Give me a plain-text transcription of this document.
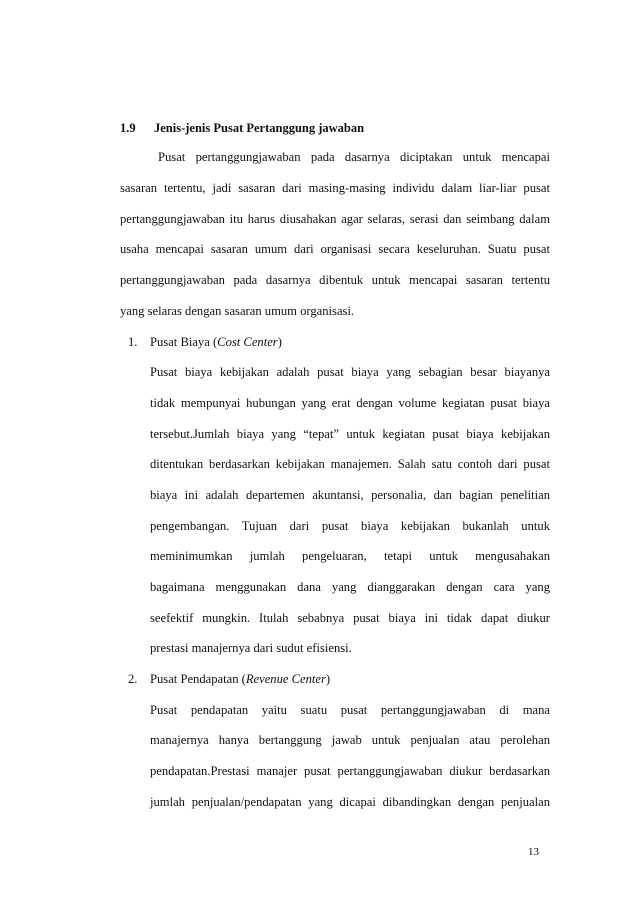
1.9 Jenis-jenis Pusat Pertanggung jawaban
Pusat pertanggungjawaban pada dasarnya diciptakan untuk mencapai
sasaran tertentu, jadi sasaran dari masing-masing individu dalam liar-liar pusat
pertanggungjawaban itu harus diusahakan agar selaras, serasi dan seimbang dalam
usaha mencapai sasaran umum dari organisasi secara keseluruhan. Suatu pusat
pertanggungjawaban pada dasarnya dibentuk untuk mencapai sasaran tertentu
yang selaras dengan sasaran umum organisasi.
1. Pusat Biaya (Cost Center)
Pusat biaya kebijakan adalah pusat biaya yang sebagian besar biayanya
tidak mempunyai hubungan yang erat dengan volume kegiatan pusat biaya
tersebut.Jumlah biaya yang “tepat” untuk kegiatan pusat biaya kebijakan
ditentukan berdasarkan kebijakan manajemen. Salah satu contoh dari pusat
biaya ini adalah departemen akuntansi, personalia, dan bagian penelitian
pengembangan. Tujuan dari pusat biaya kebijakan bukanlah untuk
meminimumkan jumlah pengeluaran, tetapi untuk mengusahakan
bagaimana menggunakan dana yang dianggarakan dengan cara yang
seefektif mungkin. Itulah sebabnya pusat biaya ini tidak dapat diukur
prestasi manajernya dari sudut efisiensi.
2. Pusat Pendapatan (Revenue Center)
Pusat pendapatan yaitu suatu pusat pertanggungjawaban di mana
manajernya hanya bertanggung jawab untuk penjualan atau perolehan
pendapatan.Prestasi manajer pusat pertanggungjawaban diukur berdasarkan
jumlah penjualan/pendapatan yang dicapai dibandingkan dengan penjualan
13
